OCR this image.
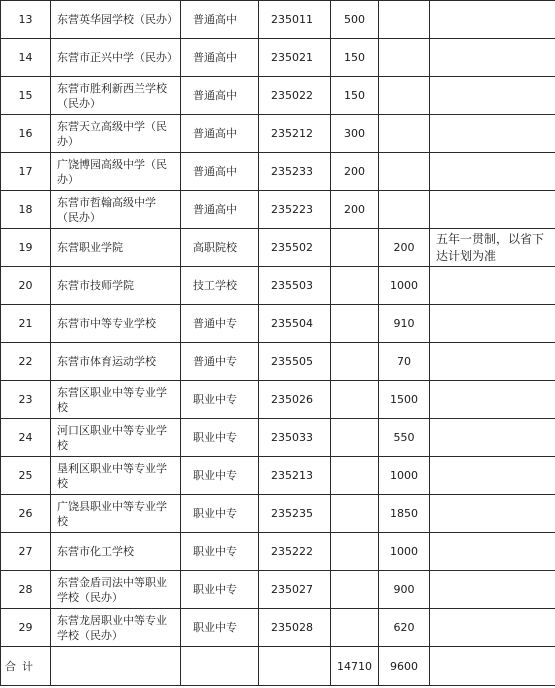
13	东营英华园学校（民办）	普通高中	235011	500		
14	东营市正兴中学（民办）	普通高中	235021	150		
15	东营市胜利新西兰学校（民办）	普通高中	235022	150		
16	东营天立高级中学（民办）	普通高中	235212	300		
17	广饶博园高级中学（民办）	普通高中	235233	200		
18	东营市哲翰高级中学（民办）	普通高中	235223	200		
19	东营职业学院	高职院校	235502		200	五年一贯制，以省下达计划为准
20	东营市技师学院	技工学校	235503		1000	
21	东营市中等专业学校	普通中专	235504		910	
22	东营市体育运动学校	普通中专	235505		70	
23	东营区职业中等专业学校	职业中专	235026		1500	
24	河口区职业中等专业学校	职业中专	235033		550	
25	垦利区职业中等专业学校	职业中专	235213		1000	
26	广饶县职业中等专业学校	职业中专	235235		1850	
27	东营市化工学校	职业中专	235222		1000	
28	东营金盾司法中等职业学校（民办）	职业中专	235027		900	
29	东营龙居职业中等专业学校（民办）	职业中专	235028		620	
合计				14710	9600	
